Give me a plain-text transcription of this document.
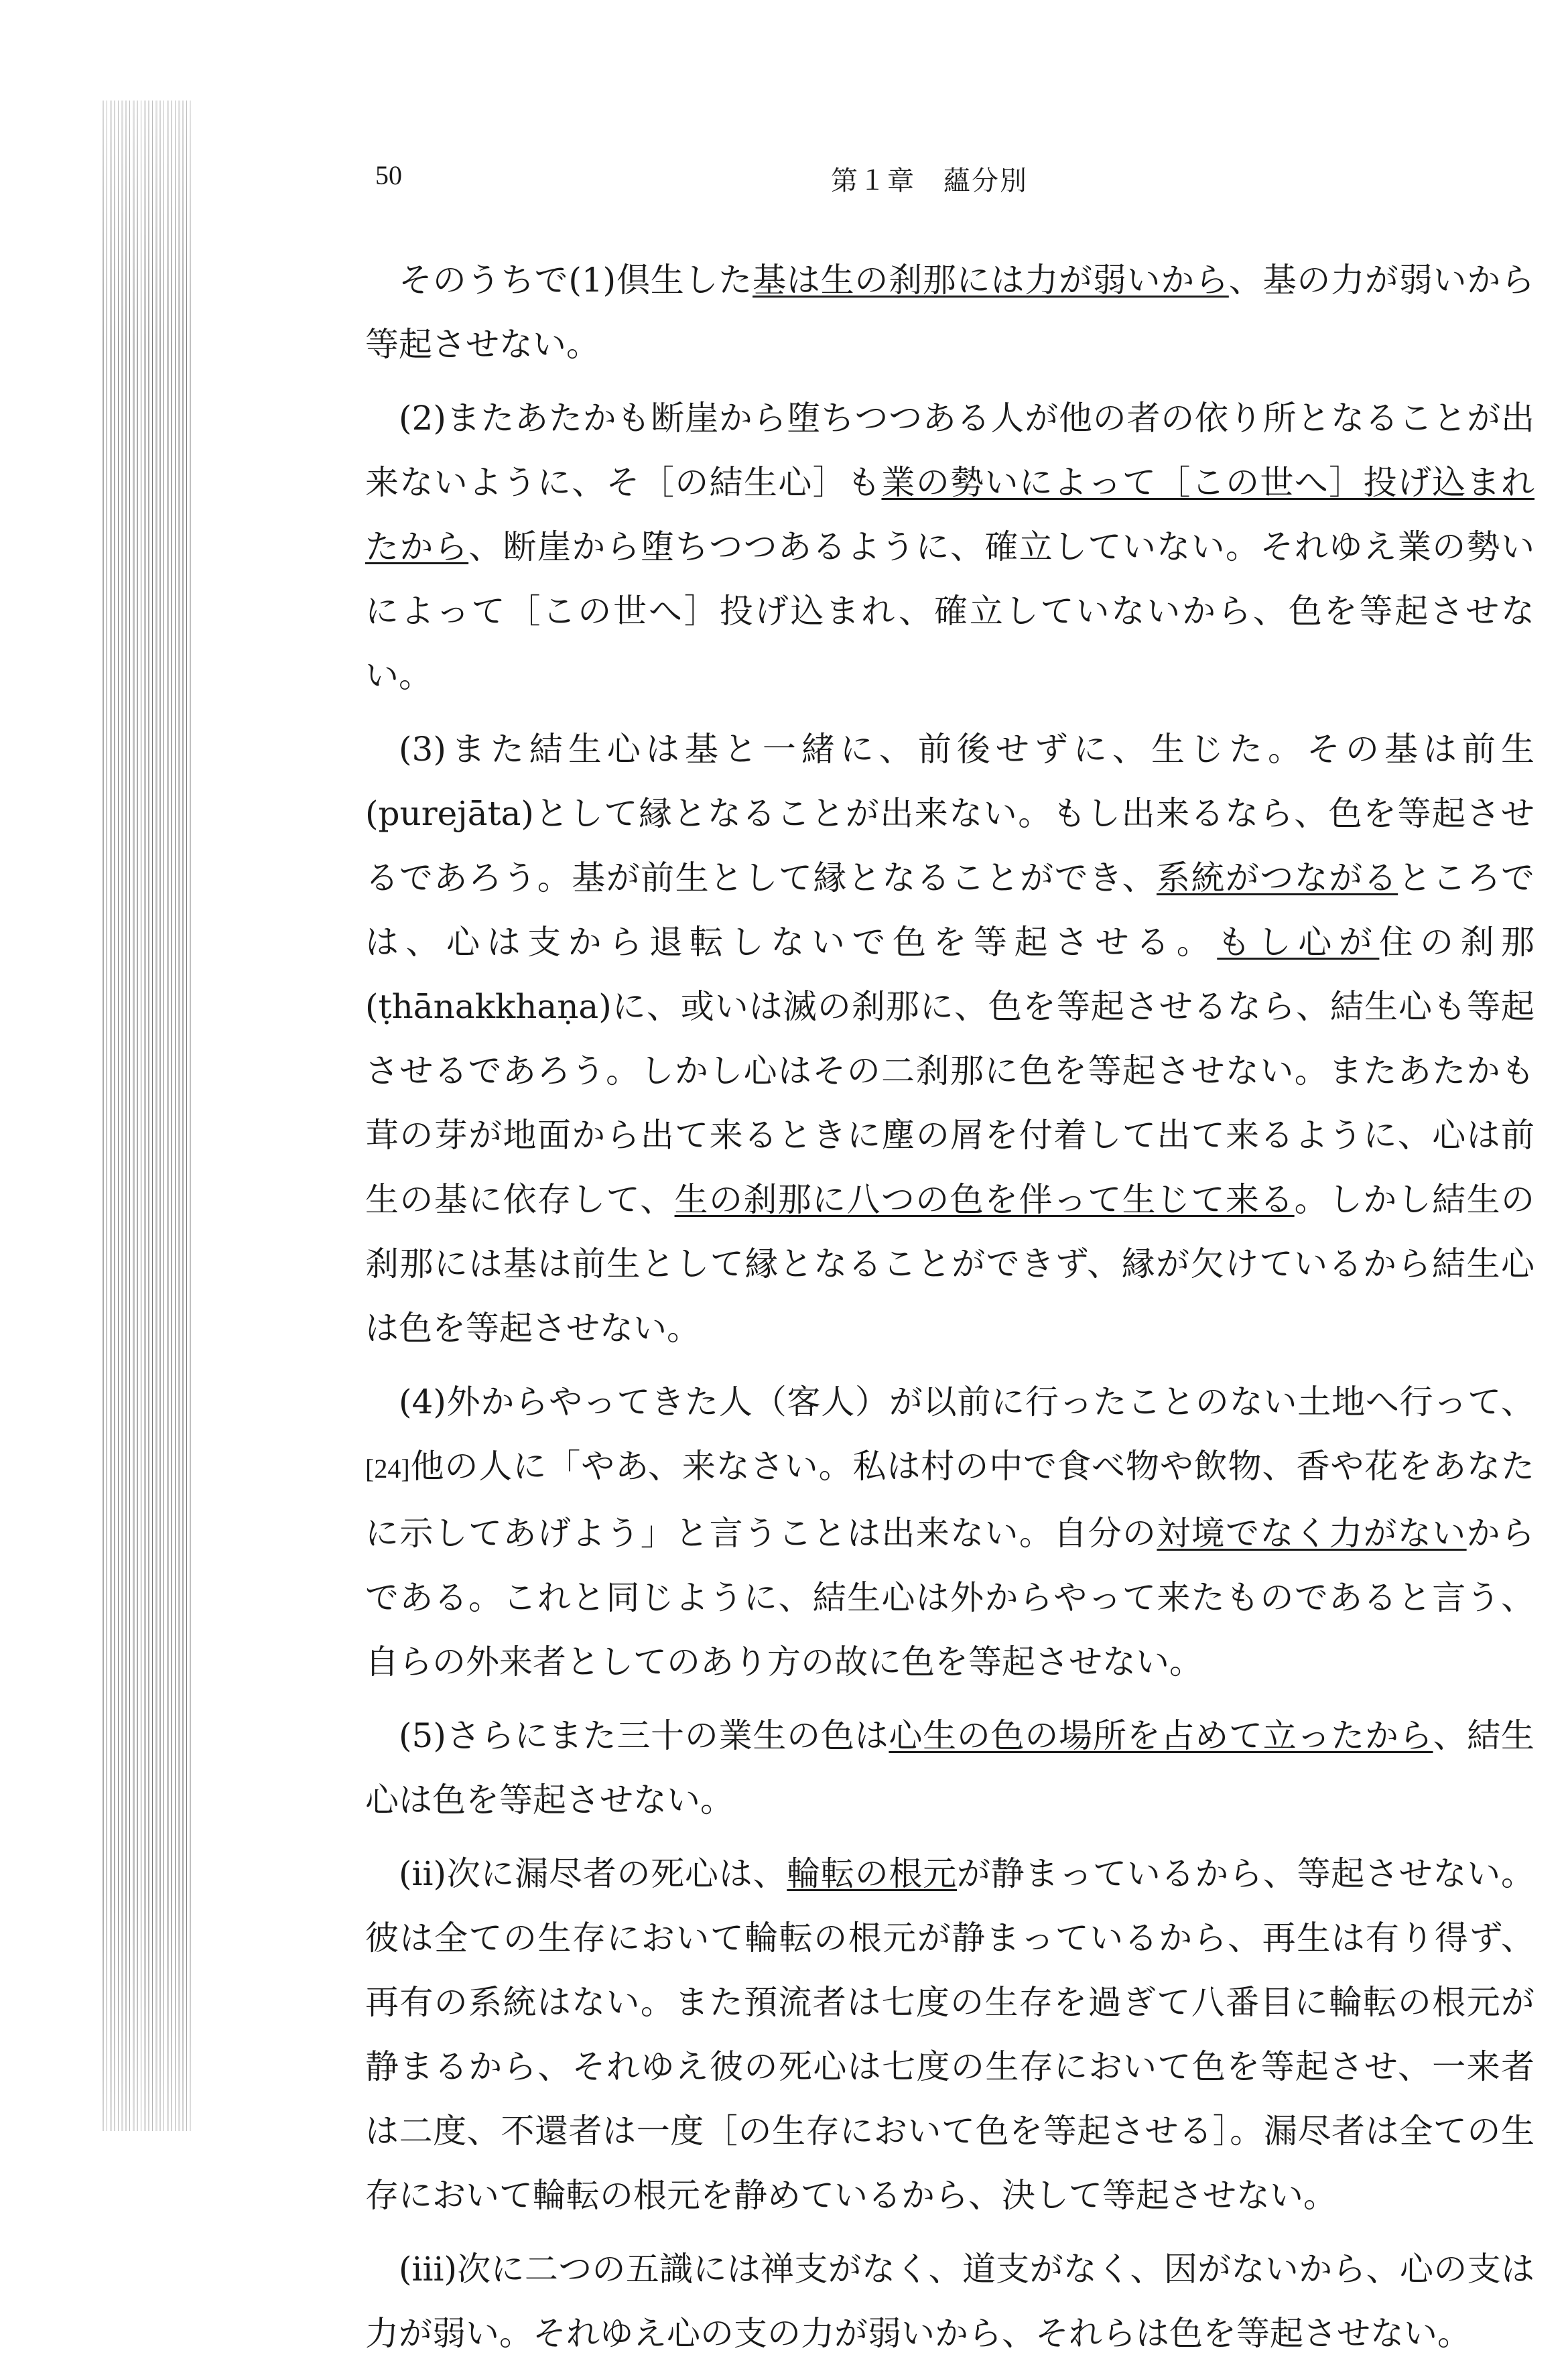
50	第１章　蘊分別

そのうちで(1)倶生した基は生の刹那には力が弱いから、基の力が弱いから等起させない。

(2)またあたかも断崖から堕ちつつある人が他の者の依り所となることが出来ないように、そ［の結生心］も業の勢いによって［この世へ］投げ込まれたから、断崖から堕ちつつあるように、確立していない。それゆえ業の勢いによって［この世へ］投げ込まれ、確立していないから、色を等起させない。

(3)また結生心は基と一緒に、前後せずに、生じた。その基は前生(purejāta)として縁となることが出来ない。もし出来るなら、色を等起させるであろう。基が前生として縁となることができ、系統がつながるところでは、心は支から退転しないで色を等起させる。もし心が住の刹那(ṭhānakkhaṇa)に、或いは滅の刹那に、色を等起させるなら、結生心も等起させるであろう。しかし心はその二刹那に色を等起させない。またあたかも茸の芽が地面から出て来るときに塵の屑を付着して出て来るように、心は前生の基に依存して、生の刹那に八つの色を伴って生じて来る。しかし結生の刹那には基は前生として縁となることができず、縁が欠けているから結生心は色を等起させない。

(4)外からやってきた人（客人）が以前に行ったことのない土地へ行って、[24]他の人に「やあ、来なさい。私は村の中で食べ物や飲物、香や花をあなたに示してあげよう」と言うことは出来ない。自分の対境でなく力がないからである。これと同じように、結生心は外からやって来たものであると言う、自らの外来者としてのあり方の故に色を等起させない。

(5)さらにまた三十の業生の色は心生の色の場所を占めて立ったから、結生心は色を等起させない。

(ii)次に漏尽者の死心は、輪転の根元が静まっているから、等起させない。彼は全ての生存において輪転の根元が静まっているから、再生は有り得ず、再有の系統はない。また預流者は七度の生存を過ぎて八番目に輪転の根元が静まるから、それゆえ彼の死心は七度の生存において色を等起させ、一来者は二度、不還者は一度［の生存において色を等起させる］。漏尽者は全ての生存において輪転の根元を静めているから、決して等起させない。

(iii)次に二つの五識には禅支がなく、道支がなく、因がないから、心の支は力が弱い。それゆえ心の支の力が弱いから、それらは色を等起させない。
